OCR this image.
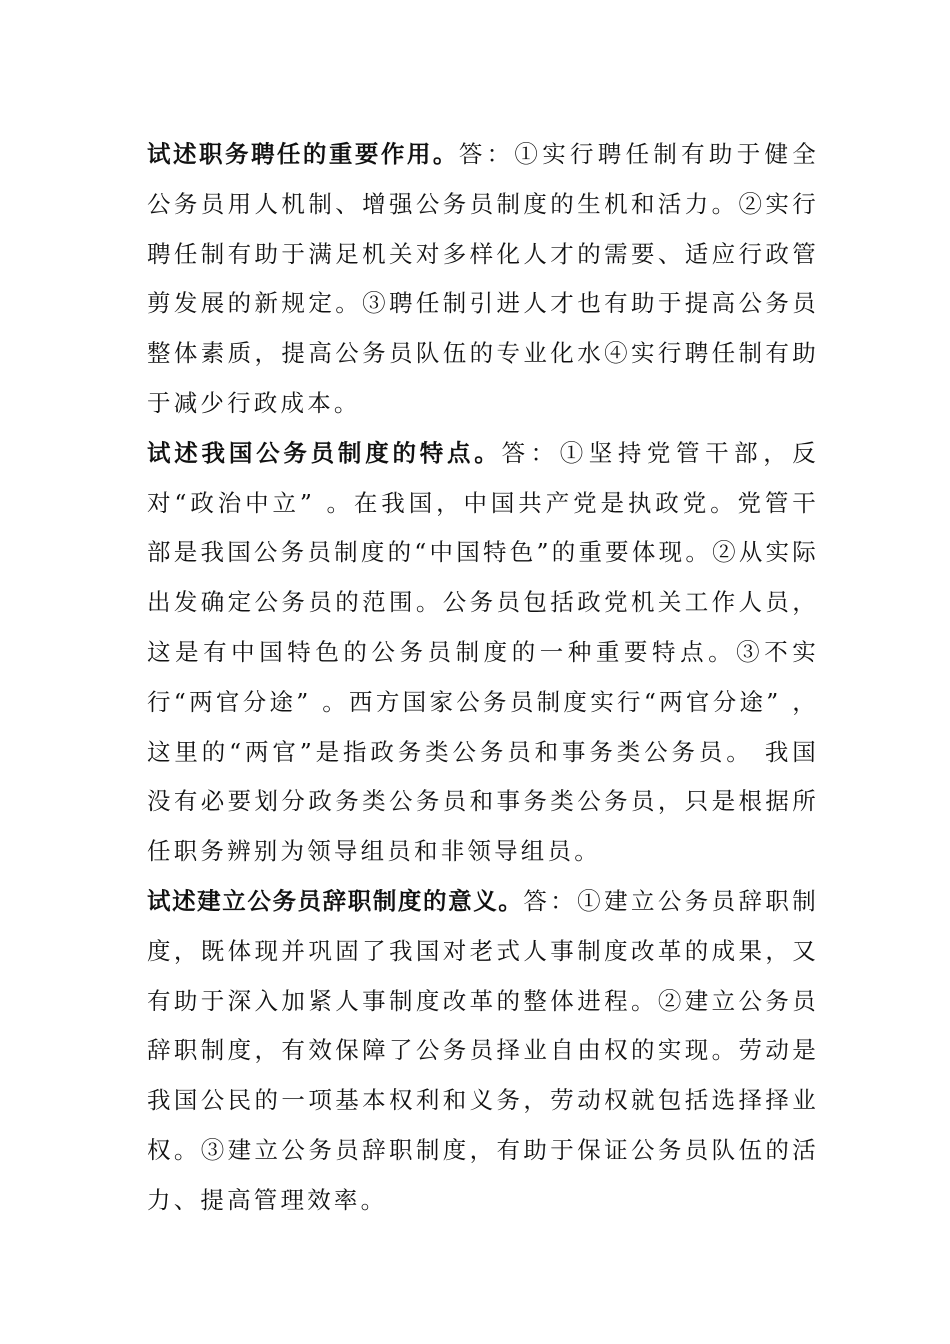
试述职务聘任的重要作用。答：①实行聘任制有助于健全公务员用人机制、增强公务员制度的生机和活力。②实行聘任制有助于满足机关对多样化人才的需要、适应行政管剪发展的新规定。③聘任制引进人才也有助于提高公务员整体素质，提高公务员队伍的专业化水④实行聘任制有助于减少行政成本。

试述我国公务员制度的特点。答：①坚持党管干部，反对“政治中立” 。在我国，中国共产党是执政党。党管干部是我国公务员制度的“中国特色”的重要体现。②从实际出发确定公务员的范围。公务员包括政党机关工作人员，这是有中国特色的公务员制度的一种重要特点。③不实行“两官分途” 。西方国家公务员制度实行“两官分途” ，这里的“两官”是指政务类公务员和事务类公务员。 我国没有必要划分政务类公务员和事务类公务员，只是根据所任职务辨别为领导组员和非领导组员。

试述建立公务员辞职制度的意义。答：①建立公务员辞职制度，既体现并巩固了我国对老式人事制度改革的成果，又有助于深入加紧人事制度改革的整体进程。②建立公务员辞职制度，有效保障了公务员择业自由权的实现。劳动是我国公民的一项基本权利和义务，劳动权就包括选择择业权。③建立公务员辞职制度，有助于保证公务员队伍的活力、提高管理效率。
